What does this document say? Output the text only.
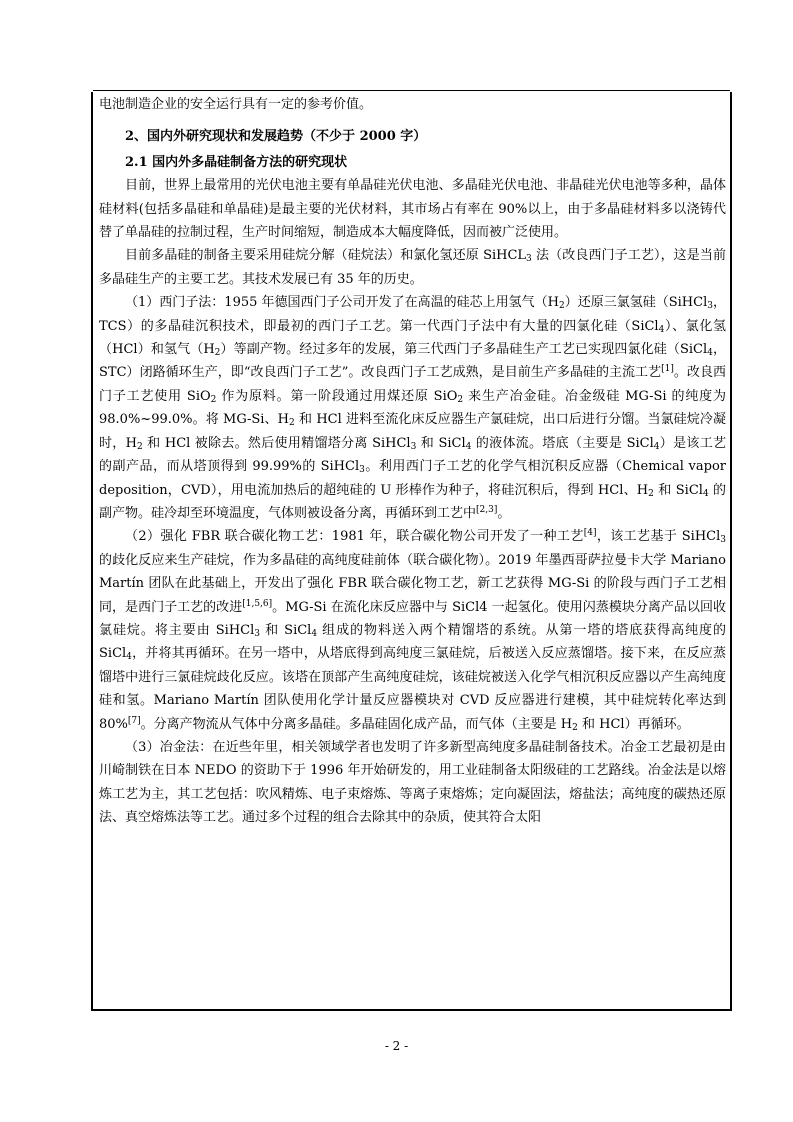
电池制造企业的安全运行具有一定的参考价值。

2、国内外研究现状和发展趋势（不少于 2000 字）

2.1 国内外多晶硅制备方法的研究现状

目前，世界上最常用的光伏电池主要有单晶硅光伏电池、多晶硅光伏电池、非晶硅光伏电池等多种，晶体硅材料(包括多晶硅和单晶硅)是最主要的光伏材料，其市场占有率在 90%以上，由于多晶硅材料多以浇铸代替了单晶硅的拉制过程，生产时间缩短，制造成本大幅度降低，因而被广泛使用。

目前多晶硅的制备主要采用硅烷分解（硅烷法）和氯化氢还原 SiHCL$_3$ 法（改良西门子工艺），这是当前多晶硅生产的主要工艺。其技术发展已有 35 年的历史。

（1）西门子法：1955 年德国西门子公司开发了在高温的硅芯上用氢气$(H_2)$还原三氯氢硅（SiHCl$_3$，TCS）的多晶硅沉积技术，即最初的西门子工艺。第一代西门子法中有大量的四氯化硅（SiCl$_4$）、氯化氢（HCl）和氢气$(H_2)$等副产物。经过多年的发展，第三代西门子多晶硅生产工艺已实现四氯化硅（SiCl$_4$，STC）闭路循环生产，即“改良西门子工艺”。改良西门子工艺成熟，是目前生产多晶硅的主流工艺[1]。改良西门子工艺使用 SiO$_2$ 作为原料。第一阶段通过用煤还原 SiO$_2$ 来生产冶金硅。冶金级硅 MG-Si 的纯度为 98.0%~99.0%。将 MG-Si、$H_2$ 和 HCl 进料至流化床反应器生产氯硅烷，出口后进行分馏。当氯硅烷冷凝时，$H_2$ 和 HCl 被除去。然后使用精馏塔分离 SiHCl$_3$ 和 SiCl$_4$ 的液体流。塔底（主要是 SiCl$_4$）是该工艺的副产品，而从塔顶得到 99.99%的 SiHCl$_3$。利用西门子工艺的化学气相沉积反应器（Chemical vapor deposition，CVD），用电流加热后的超纯硅的 U 形棒作为种子，将硅沉积后，得到 HCl、$H_2$ 和 SiCl$_4$ 的副产物。硅冷却至环境温度，气体则被设备分离，再循环到工艺中[2,3]。

（2）强化 FBR 联合碳化物工艺：1981 年，联合碳化物公司开发了一种工艺[4]，该工艺基于 SiHCl$_3$ 的歧化反应来生产硅烷，作为多晶硅的高纯度硅前体（联合碳化物）。2019 年墨西哥萨拉曼卡大学 Mariano Martín 团队在此基础上，开发出了强化 FBR 联合碳化物工艺，新工艺获得 MG-Si 的阶段与西门子工艺相同，是西门子工艺的改进[1,5,6]。MG-Si 在流化床反应器中与 SiCl4 一起氢化。使用闪蒸模块分离产品以回收氯硅烷。将主要由 SiHCl$_3$ 和 SiCl$_4$ 组成的物料送入两个精馏塔的系统。从第一塔的塔底获得高纯度的 SiCl$_4$，并将其再循环。在另一塔中，从塔底得到高纯度三氯硅烷，后被送入反应蒸馏塔。接下来，在反应蒸馏塔中进行三氯硅烷歧化反应。该塔在顶部产生高纯度硅烷，该硅烷被送入化学气相沉积反应器以产生高纯度硅和氢。Mariano Martín 团队使用化学计量反应器模块对 CVD 反应器进行建模，其中硅烷转化率达到 80%[7]。分离产物流从气体中分离多晶硅。多晶硅固化成产品，而气体（主要是 $H_2$ 和 HCl）再循环。

（3）冶金法：在近些年里，相关领域学者也发明了许多新型高纯度多晶硅制备技术。冶金工艺最初是由川崎制铁在日本 NEDO 的资助下于 1996 年开始研发的，用工业硅制备太阳级硅的工艺路线。冶金法是以熔炼工艺为主，其工艺包括：吹风精炼、电子束熔炼、等离子束熔炼；定向凝固法，熔盐法；高纯度的碳热还原法、真空熔炼法等工艺。通过多个过程的组合去除其中的杂质，使其符合太阳

- 2 -
